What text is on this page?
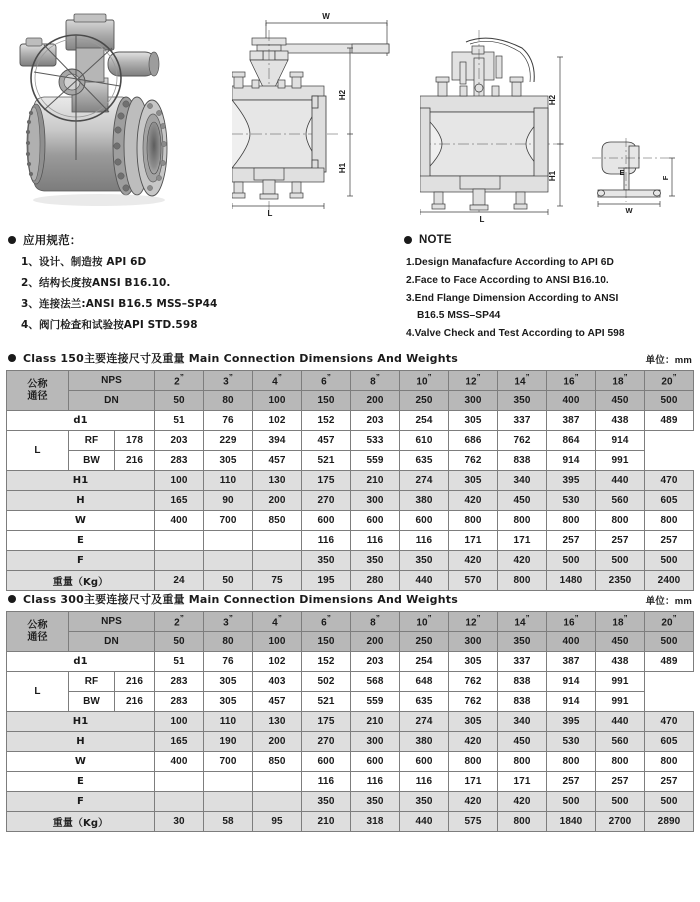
W
H2
H1
L
H2
H1
L
F
E
W
应用规范：
1、设计、制造按 API 6D
2、结构长度按ANSI B16.10.
3、连接法兰:ANSI B16.5 MSS–SP44
4、阀门检查和试验按API STD.598
NOTE
1.Design Manafacfure According to API 6D
2.Face to Face According to ANSI B16.10.
3.End Flange Dimension According to ANSI
B16.5 MSS–SP44
4.Valve Check and Test According to API 598
Class 150主要连接尺寸及重量 Main Connection Dimensions And Weights	单位：mm
公称
通径	NPS		2”	3”	4”	6”	8”	10”	12”	14”	16”	18”	20”
	DN		50	80	100	150	200	250	300	350	400	450	500
d1			51	76	102	152	203	254	305	337	387	438	489
L	RF	178	203	229	394	457	533	610	686	762	864	914	
	BW	216	283	305	457	521	559	635	762	838	914	991	
H1			100	110	130	175	210	274	305	340	395	440	470
H			165	90	200	270	300	380	420	450	530	560	605
W			400	700	850	600	600	600	800	800	800	800	800
E						116	116	116	171	171	257	257	257
F						350	350	350	420	420	500	500	500
重量（Kg）			24	50	75	195	280	440	570	800	1480	2350	2400
Class 300主要连接尺寸及重量 Main Connection Dimensions And Weights	单位：mm
公称
通径	NPS		2”	3”	4”	6”	8”	10”	12”	14”	16”	18”	20”
	DN		50	80	100	150	200	250	300	350	400	450	500
d1			51	76	102	152	203	254	305	337	387	438	489
L	RF	216	283	305	403	502	568	648	762	838	914	991	
	BW	216	283	305	457	521	559	635	762	838	914	991	
H1			100	110	130	175	210	274	305	340	395	440	470
H			165	190	200	270	300	380	420	450	530	560	605
W			400	700	850	600	600	600	800	800	800	800	800
E						116	116	116	171	171	257	257	257
F						350	350	350	420	420	500	500	500
重量（Kg）			30	58	95	210	318	440	575	800	1840	2700	2890
